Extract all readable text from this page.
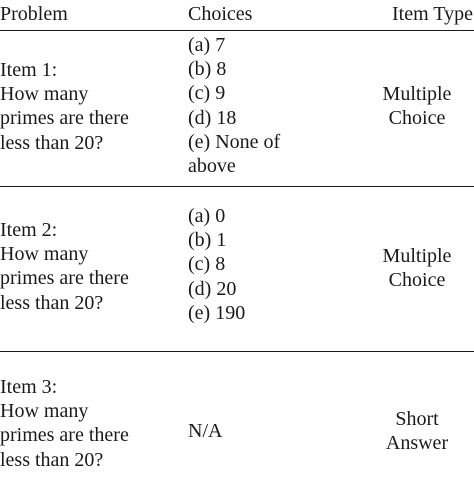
Problem	Choices	Item Type
Item 1:
How many
primes are there
less than 20?
(a) 7
(b) 8
(c) 9
(d) 18
(e) None of
above
Multiple
Choice
Item 2:
How many
primes are there
less than 20?
(a) 0
(b) 1
(c) 8
(d) 20
(e) 190
Multiple
Choice
Item 3:
How many
primes are there
less than 20?
N/A
Short
Answer
